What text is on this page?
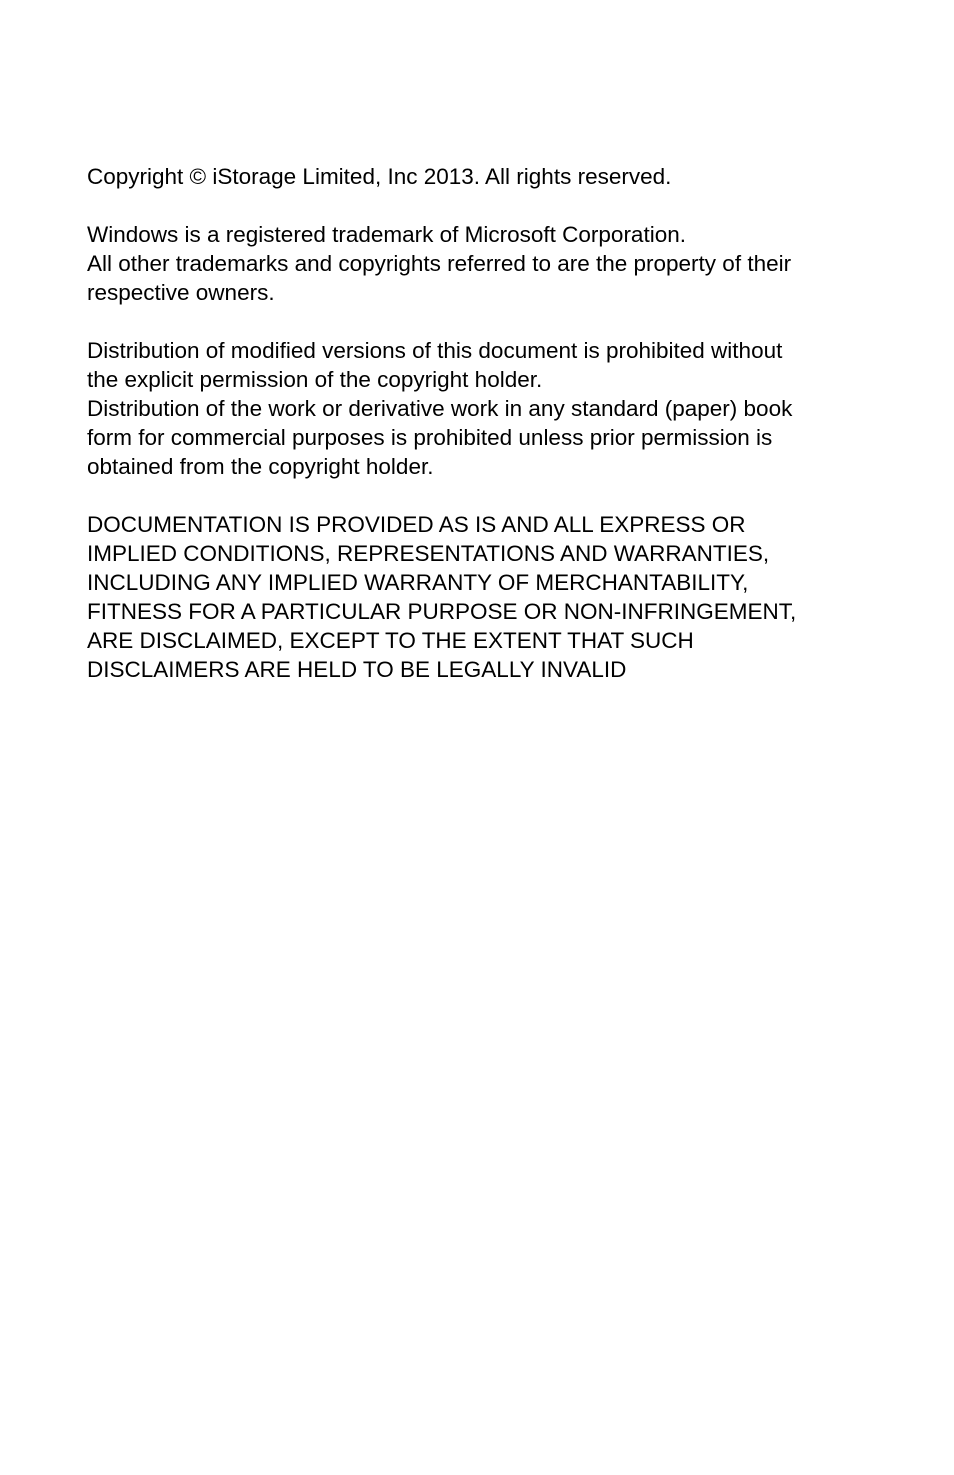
Copyright © iStorage Limited, Inc 2013. All rights reserved.

Windows is a registered trademark of Microsoft Corporation.
All other trademarks and copyrights referred to are the property of their
respective owners.

Distribution of modified versions of this document is prohibited without
the explicit permission of the copyright holder.
Distribution of the work or derivative work in any standard (paper) book
form for commercial purposes is prohibited unless prior permission is
obtained from the copyright holder.

DOCUMENTATION IS PROVIDED AS IS AND ALL EXPRESS OR
IMPLIED CONDITIONS, REPRESENTATIONS AND WARRANTIES,
INCLUDING ANY IMPLIED WARRANTY OF MERCHANTABILITY,
FITNESS FOR A PARTICULAR PURPOSE OR NON-INFRINGEMENT,
ARE DISCLAIMED, EXCEPT TO THE EXTENT THAT SUCH
DISCLAIMERS ARE HELD TO BE LEGALLY INVALID
